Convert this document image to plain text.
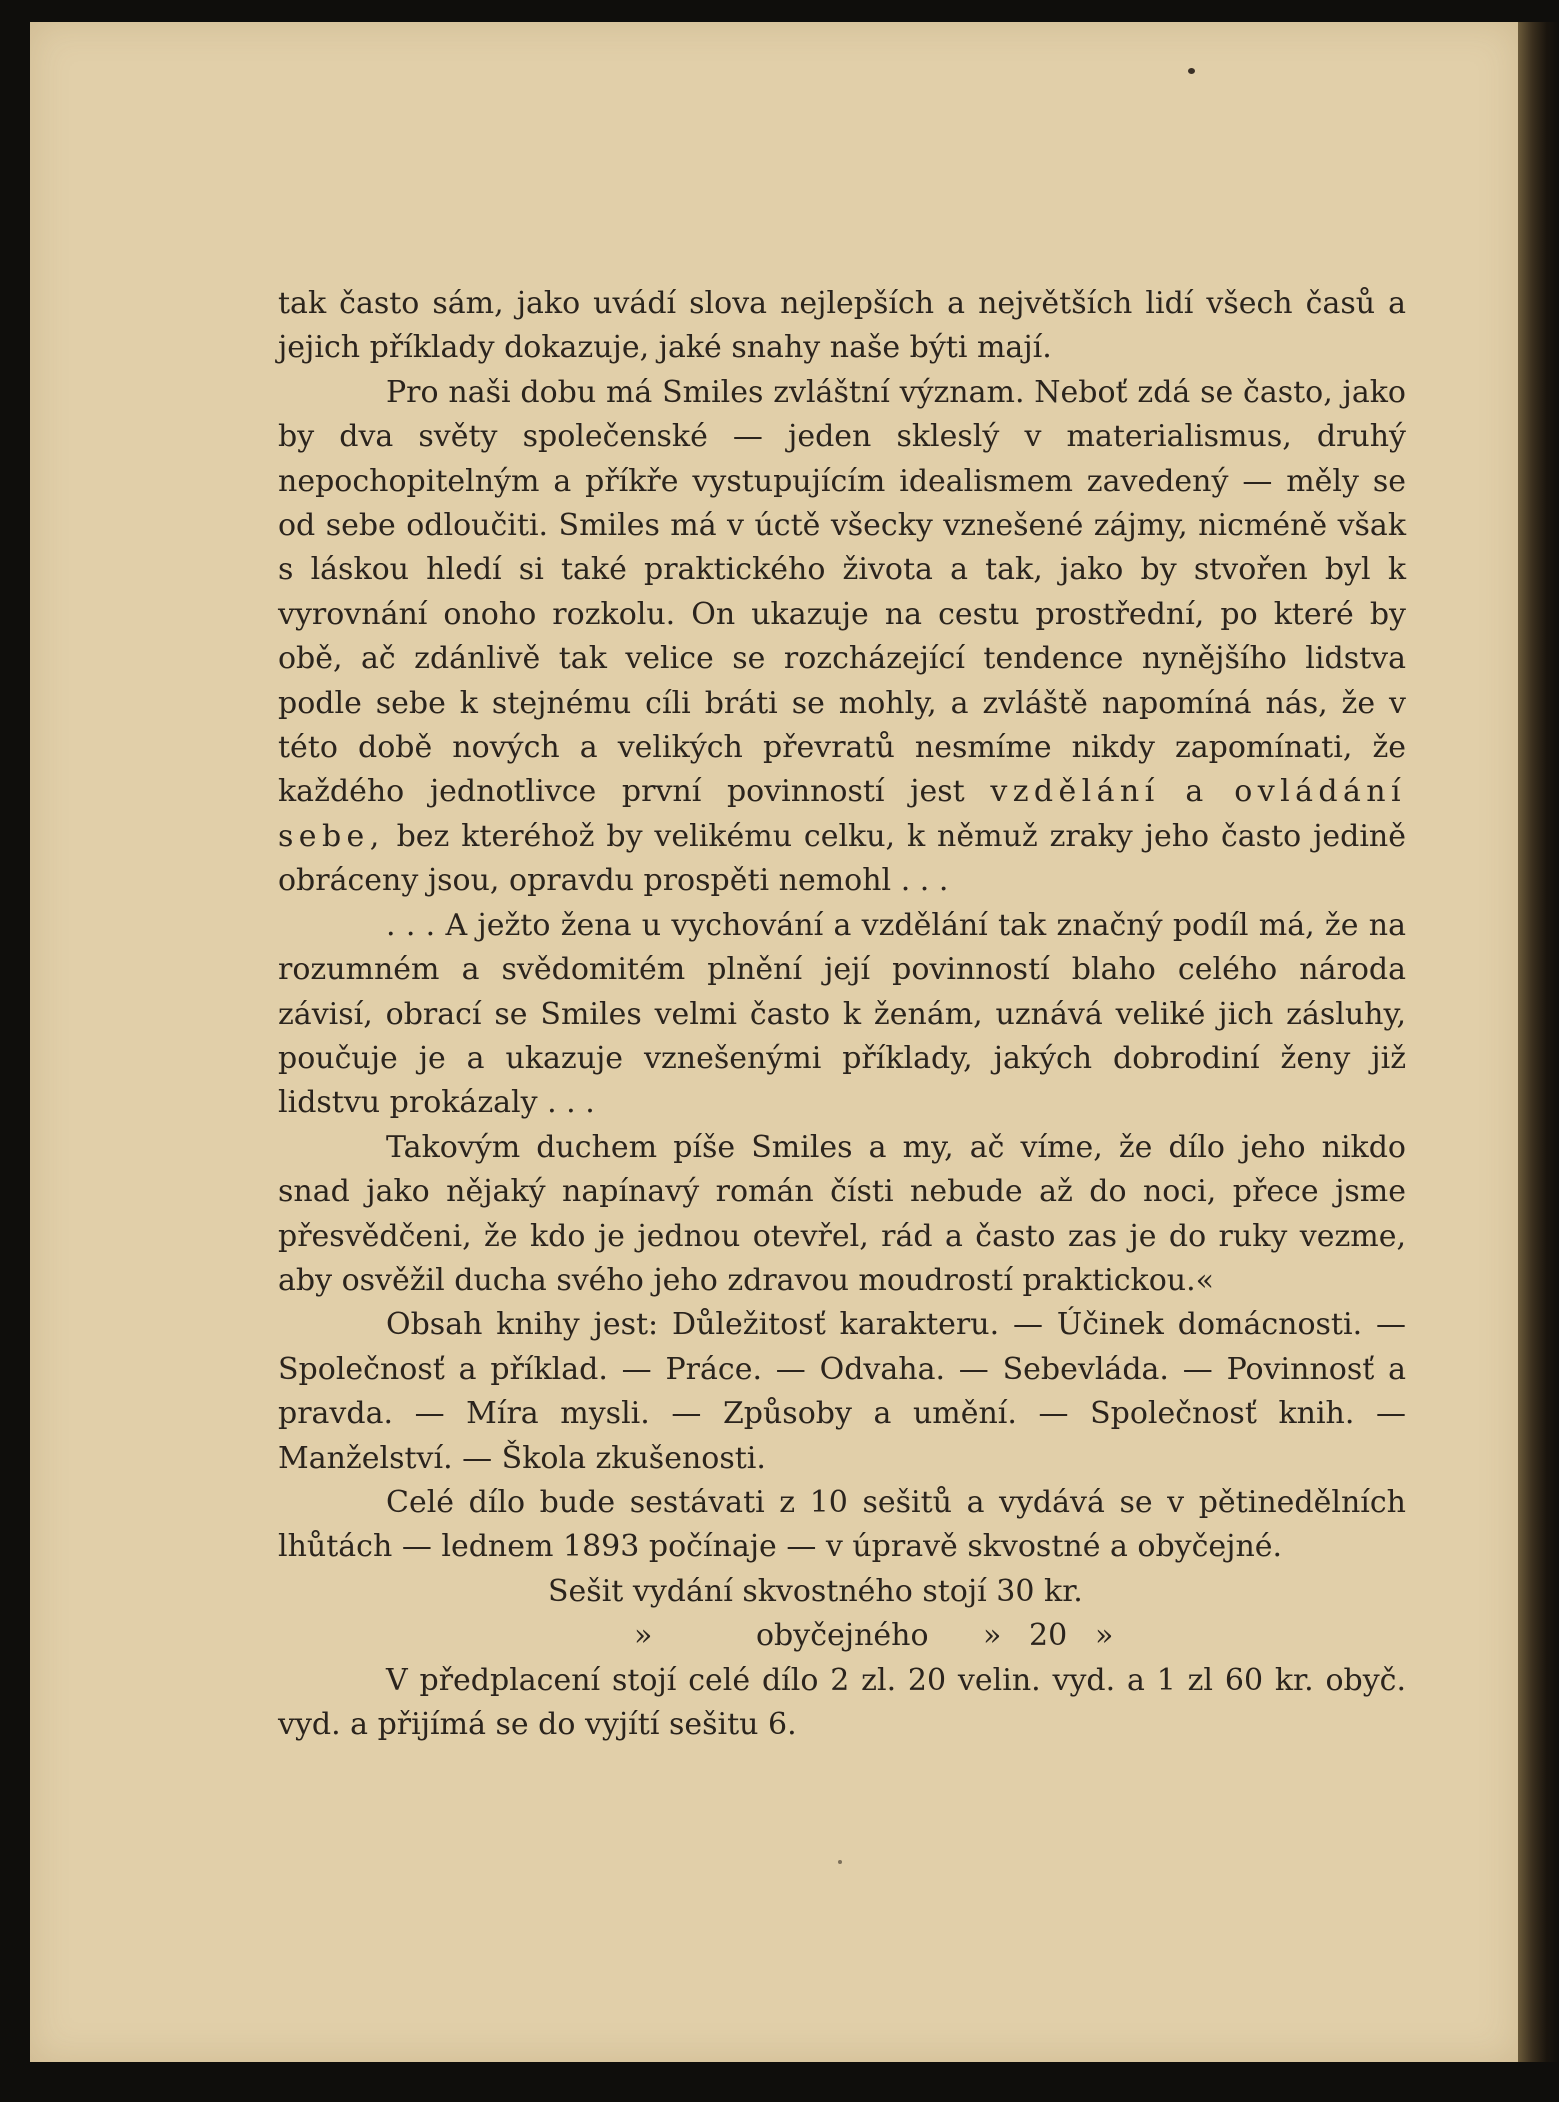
tak často sám, jako uvádí slova nejlepších a největších lidí všech časů a jejich příklady dokazuje, jaké snahy naše býti mají.

Pro naši dobu má Smiles zvláštní význam. Neboť zdá se často, jako by dva světy společenské — jeden skleslý v materialismus, druhý nepochopitelným a příkře vystupujícím idealismem zavedený — měly se od sebe odloučiti. Smiles má v úctě všecky vznešené zájmy, nicméně však s láskou hledí si také praktického života a tak, jako by stvořen byl k vyrovnání onoho rozkolu. On ukazuje na cestu prostřední, po které by obě, ač zdánlivě tak velice se rozcházející tendence nynějšího lidstva podle sebe k stejnému cíli bráti se mohly, a zvláště napomíná nás, že v této době nových a velikých převratů nesmíme nikdy zapomínati, že každého jednotlivce první povinností jest vzdělání a ovládání sebe, bez kteréhož by velikému celku, k němuž zraky jeho často jedině obráceny jsou, opravdu prospěti nemohl . . .

. . . A ježto žena u vychování a vzdělání tak značný podíl má, že na rozumném a svědomitém plnění její povinností blaho celého národa závisí, obrací se Smiles velmi často k ženám, uznává veliké jich zásluhy, poučuje je a ukazuje vznešenými příklady, jakých dobrodiní ženy již lidstvu prokázaly . . .

Takovým duchem píše Smiles a my, ač víme, že dílo jeho nikdo snad jako nějaký napínavý román čísti nebude až do noci, přece jsme přesvědčeni, že kdo je jednou otevřel, rád a často zas je do ruky vezme, aby osvěžil ducha svého jeho zdravou moudrostí praktickou.«

Obsah knihy jest: Důležitosť karakteru. — Účinek domácnosti. — Společnosť a příklad. — Práce. — Odvaha. — Sebevláda. — Povinnosť a pravda. — Míra mysli. — Způsoby a umění. — Společnosť knih. — Manželství. — Škola zkušenosti.

Celé dílo bude sestávati z 10 sešitů a vydává se v pětinedělních lhůtách — lednem 1893 počínaje — v úpravě skvostné a obyčejné.

Sešit vydání skvostného stojí 30 kr.
»	obyčejného » 20 »

V předplacení stojí celé dílo 2 zl. 20 velin. vyd. a 1 zl 60 kr. obyč. vyd. a přijímá se do vyjítí sešitu 6.
